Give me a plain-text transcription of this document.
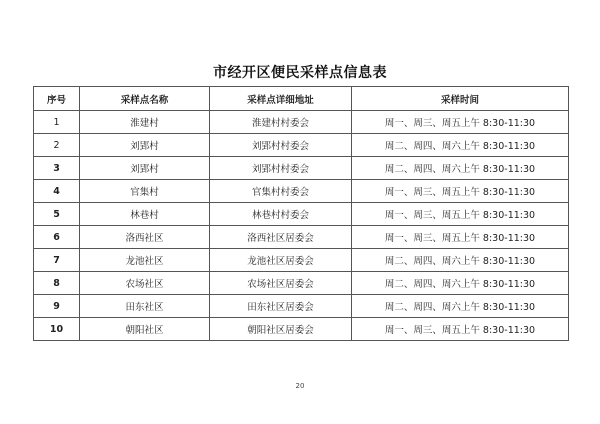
市经开区便民采样点信息表
序号	采样点名称	采样点详细地址	采样时间
1	淮建村	淮建村村委会	周一、周三、周五上午 8:30-11:30
2	刘郢村	刘郢村村委会	周二、周四、周六上午 8:30-11:30
3	刘郢村	刘郢村村委会	周二、周四、周六上午 8:30-11:30
4	官集村	官集村村委会	周一、周三、周五上午 8:30-11:30
5	林巷村	林巷村村委会	周一、周三、周五上午 8:30-11:30
6	洛西社区	洛西社区居委会	周一、周三、周五上午 8:30-11:30
7	龙池社区	龙池社区居委会	周二、周四、周六上午 8:30-11:30
8	农场社区	农场社区居委会	周二、周四、周六上午 8:30-11:30
9	田东社区	田东社区居委会	周二、周四、周六上午 8:30-11:30
10	朝阳社区	朝阳社区居委会	周一、周三、周五上午 8:30-11:30
20
